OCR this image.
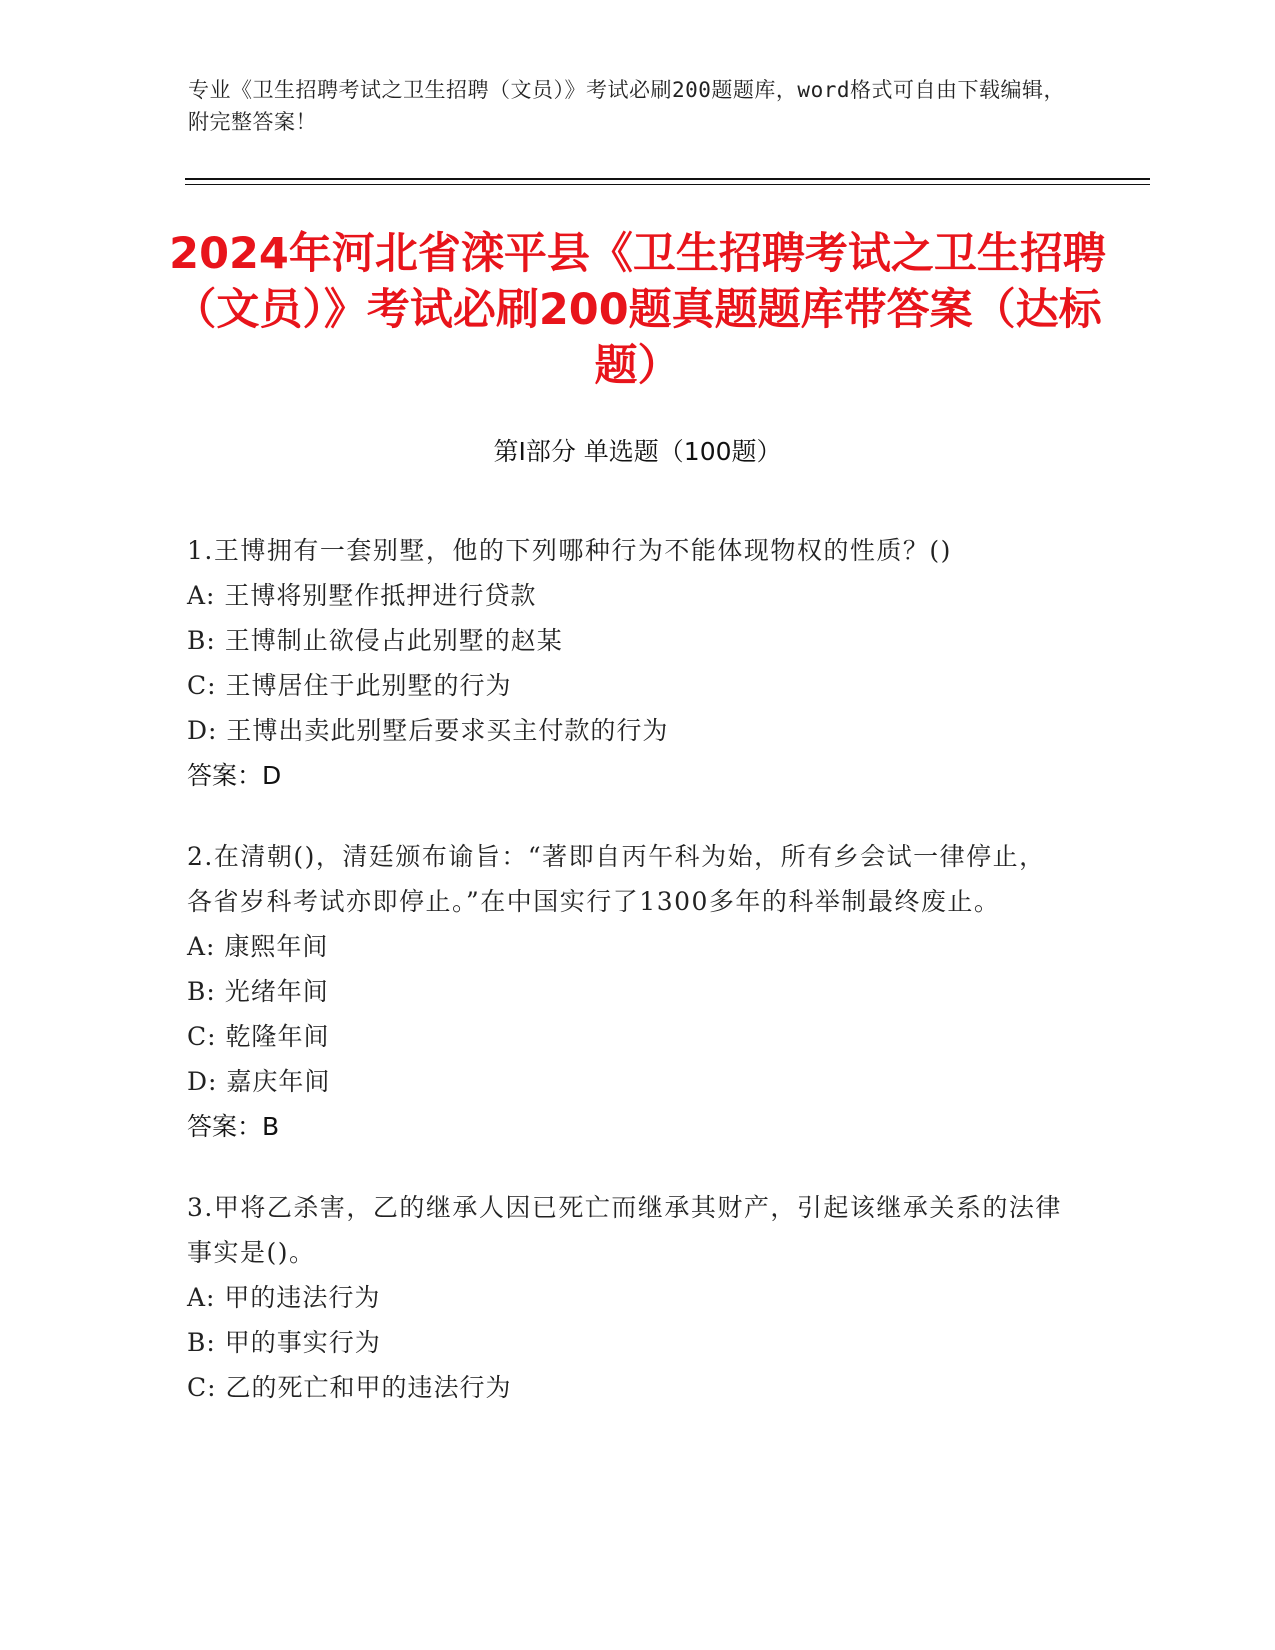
专业《卫生招聘考试之卫生招聘（文员）》考试必刷200题题库，word格式可自由下载编辑，附完整答案！
2024年河北省滦平县《卫生招聘考试之卫生招聘（文员）》考试必刷200题真题题库带答案（达标题）
第Ⅰ部分 单选题（100题）
1.王博拥有一套别墅，他的下列哪种行为不能体现物权的性质？()
A: 王博将别墅作抵押进行贷款
B: 王博制止欲侵占此别墅的赵某
C: 王博居住于此别墅的行为
D: 王博出卖此别墅后要求买主付款的行为
答案：D
2.在清朝()，清廷颁布谕旨：“著即自丙午科为始，所有乡会试一律停止，各省岁科考试亦即停止。”在中国实行了1300多年的科举制最终废止。
A: 康熙年间
B: 光绪年间
C: 乾隆年间
D: 嘉庆年间
答案：B
3.甲将乙杀害，乙的继承人因已死亡而继承其财产，引起该继承关系的法律事实是()。
A: 甲的违法行为
B: 甲的事实行为
C: 乙的死亡和甲的违法行为
